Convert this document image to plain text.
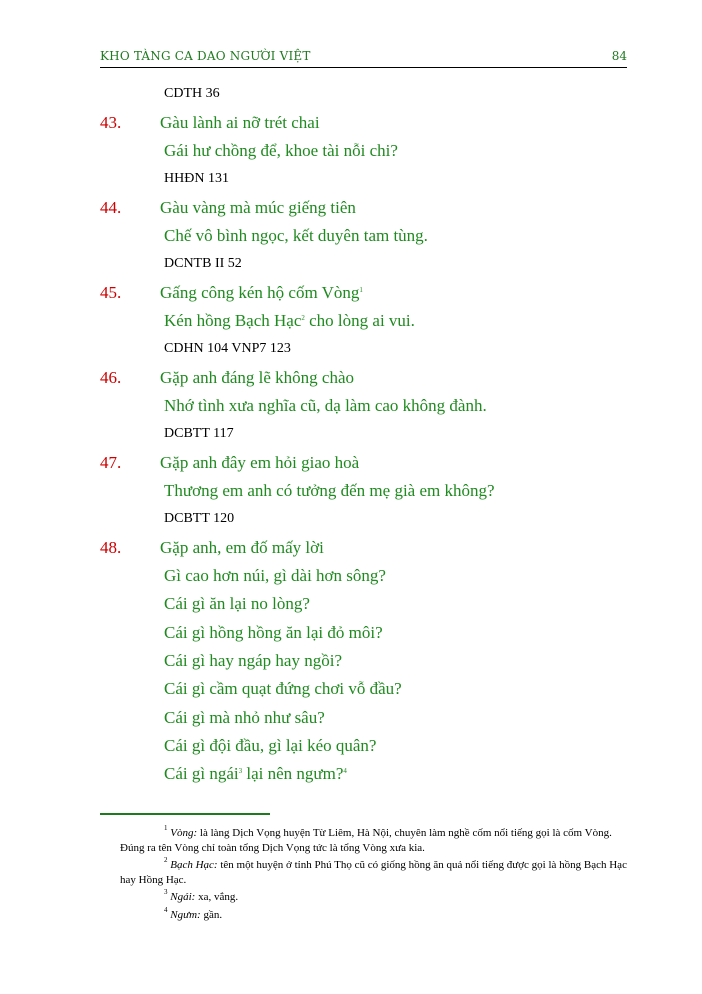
KHO TÀNG CA DAO NGƯỜI VIỆT	84
CDTH 36
43. Gàu lành ai nỡ trét chai
Gái hư chồng để, khoe tài nỗi chi?
HHĐN 131
44. Gàu vàng mà múc giếng tiên
Chế vô bình ngọc, kết duyên tam tùng.
DCNTB II 52
45. Gấng công kén hộ cốm Vòng$^1$
Kén hồng Bạch Hạc$^2$ cho lòng ai vui.
CDHN 104 VNP7 123
46. Gặp anh đáng lẽ không chào
Nhớ tình xưa nghĩa cũ, dạ làm cao không đành.
DCBTT 117
47. Gặp anh đây em hỏi giao hoà
Thương em anh có tưởng đến mẹ già em không?
DCBTT 120
48. Gặp anh, em đố mấy lời
Gì cao hơn núi, gì dài hơn sông?
Cái gì ăn lại no lòng?
Cái gì hồng hồng ăn lại đỏ môi?
Cái gì hay ngáp hay ngồi?
Cái gì cầm quạt đứng chơi vỗ đầu?
Cái gì mà nhỏ như sâu?
Cái gì đội đầu, gì lại kéo quân?
Cái gì ngái$^3$ lại nên ngưm?$^4$
$^1$ Vòng: là làng Dịch Vọng huyện Từ Liêm, Hà Nội, chuyên làm nghề cốm nổi tiếng gọi là cốm Vòng. Đúng ra tên Vòng chỉ toàn tổng Dịch Vọng tức là tổng Vòng xưa kia.
$^2$ Bạch Hạc: tên một huyện ở tỉnh Phú Thọ cũ có giống hồng ăn quả nổi tiếng được gọi là hồng Bạch Hạc hay Hồng Hạc.
$^3$ Ngái: xa, vắng.
$^4$ Ngưm: gần.
